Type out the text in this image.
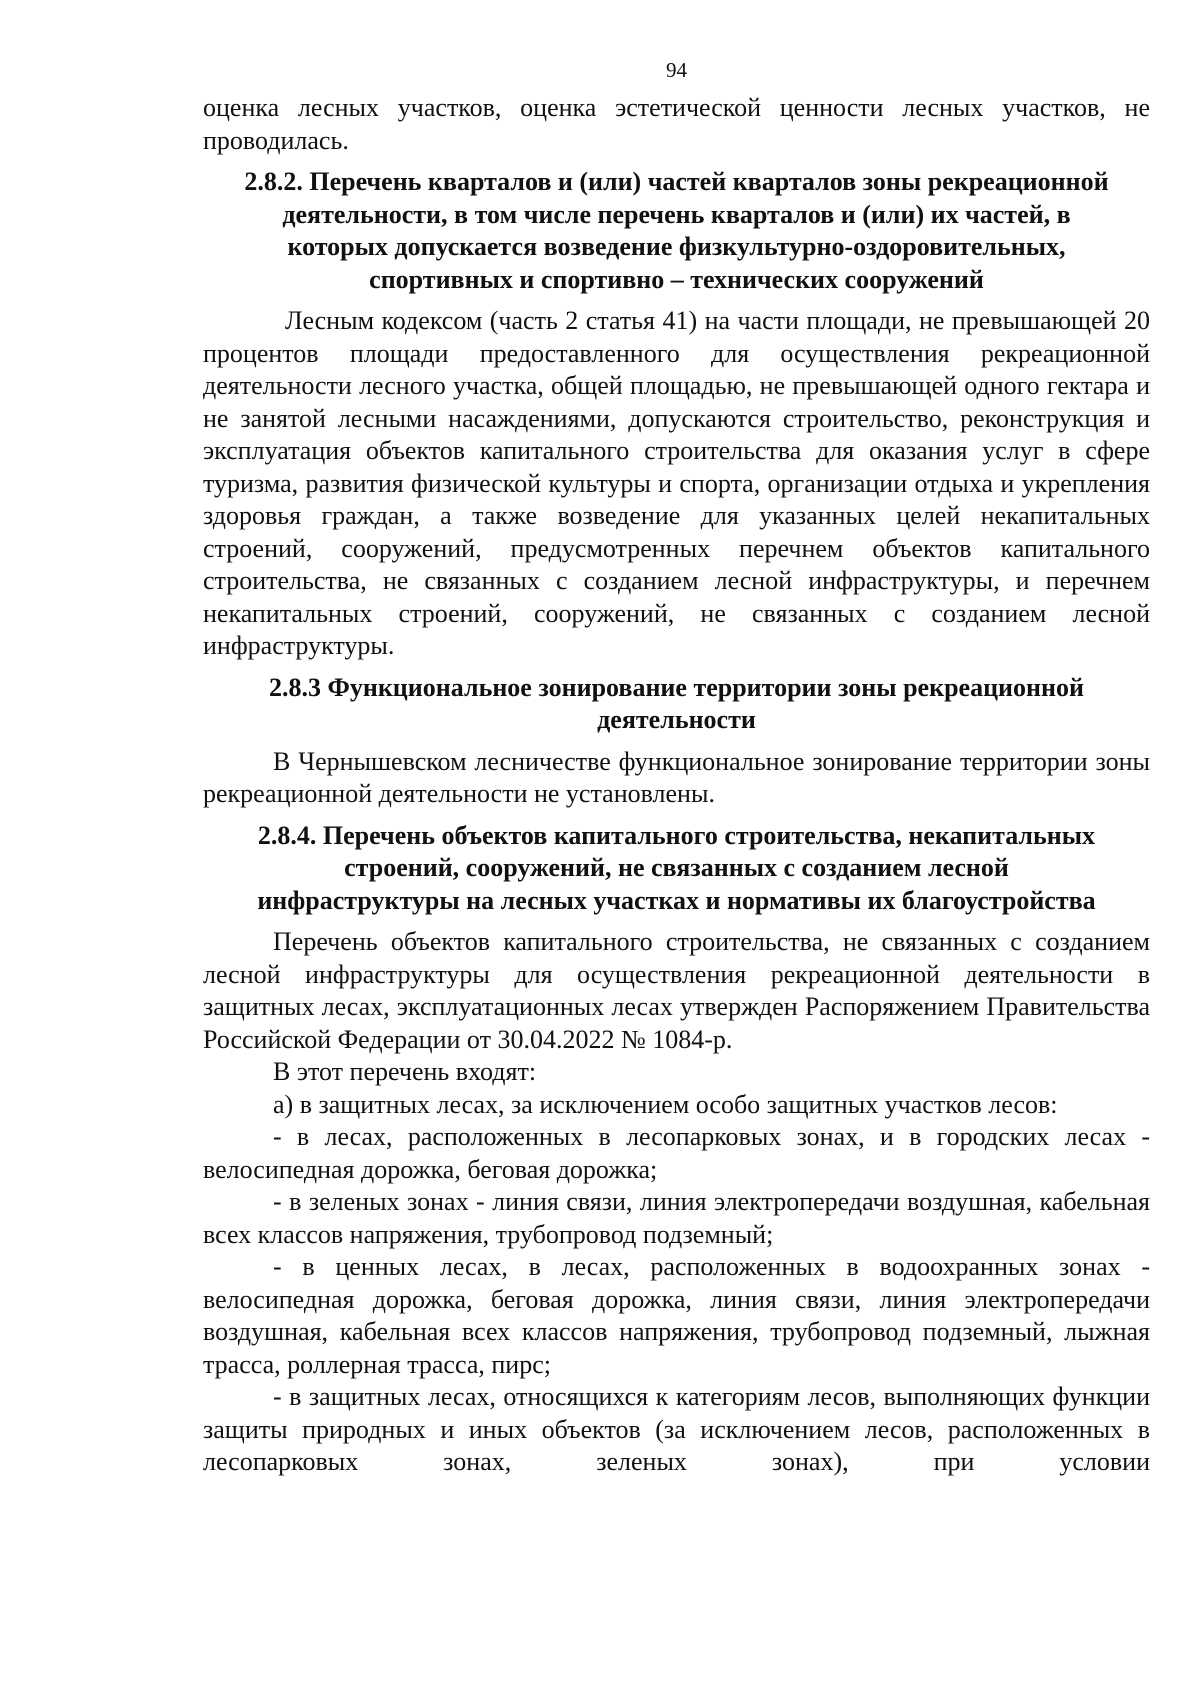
94

оценка лесных участков, оценка эстетической ценности лесных участков, не проводилась.

2.8.2. Перечень кварталов и (или) частей кварталов зоны рекреационной
деятельности, в том числе перечень кварталов и (или) их частей, в
которых допускается возведение физкультурно-оздоровительных,
спортивных и спортивно – технических сооружений

Лесным кодексом (часть 2 статья 41) на части площади, не превышающей 20 процентов площади предоставленного для осуществления рекреационной деятельности лесного участка, общей площадью, не превышающей одного гектара и не занятой лесными насаждениями, допускаются строительство, реконструкция и эксплуатация объектов капитального строительства для оказания услуг в сфере туризма, развития физической культуры и спорта, организации отдыха и укрепления здоровья граждан, а также возведение для указанных целей некапитальных строений, сооружений, предусмотренных перечнем объектов капитального строительства, не связанных с созданием лесной инфраструктуры, и перечнем некапитальных строений, сооружений, не связанных с созданием лесной инфраструктуры.

2.8.3 Функциональное зонирование территории зоны рекреационной
деятельности

В Чернышевском лесничестве функциональное зонирование территории зоны рекреационной деятельности не установлены.

2.8.4. Перечень объектов капитального строительства, некапитальных
строений, сооружений, не связанных с созданием лесной
инфраструктуры на лесных участках и нормативы их благоустройства

Перечень объектов капитального строительства, не связанных с созданием лесной инфраструктуры для осуществления рекреационной деятельности в защитных лесах, эксплуатационных лесах утвержден Распоряжением Правительства Российской Федерации от 30.04.2022 № 1084-р.

В этот перечень входят:

а) в защитных лесах, за исключением особо защитных участков лесов:

- в лесах, расположенных в лесопарковых зонах, и в городских лесах - велосипедная дорожка, беговая дорожка;

- в зеленых зонах - линия связи, линия электропередачи воздушная, кабельная всех классов напряжения, трубопровод подземный;

- в ценных лесах, в лесах, расположенных в водоохранных зонах - велосипедная дорожка, беговая дорожка, линия связи, линия электропередачи воздушная, кабельная всех классов напряжения, трубопровод подземный, лыжная трасса, роллерная трасса, пирс;

- в защитных лесах, относящихся к категориям лесов, выполняющих функции защиты природных и иных объектов (за исключением лесов, расположенных в лесопарковых зонах, зеленых зонах), при условии
